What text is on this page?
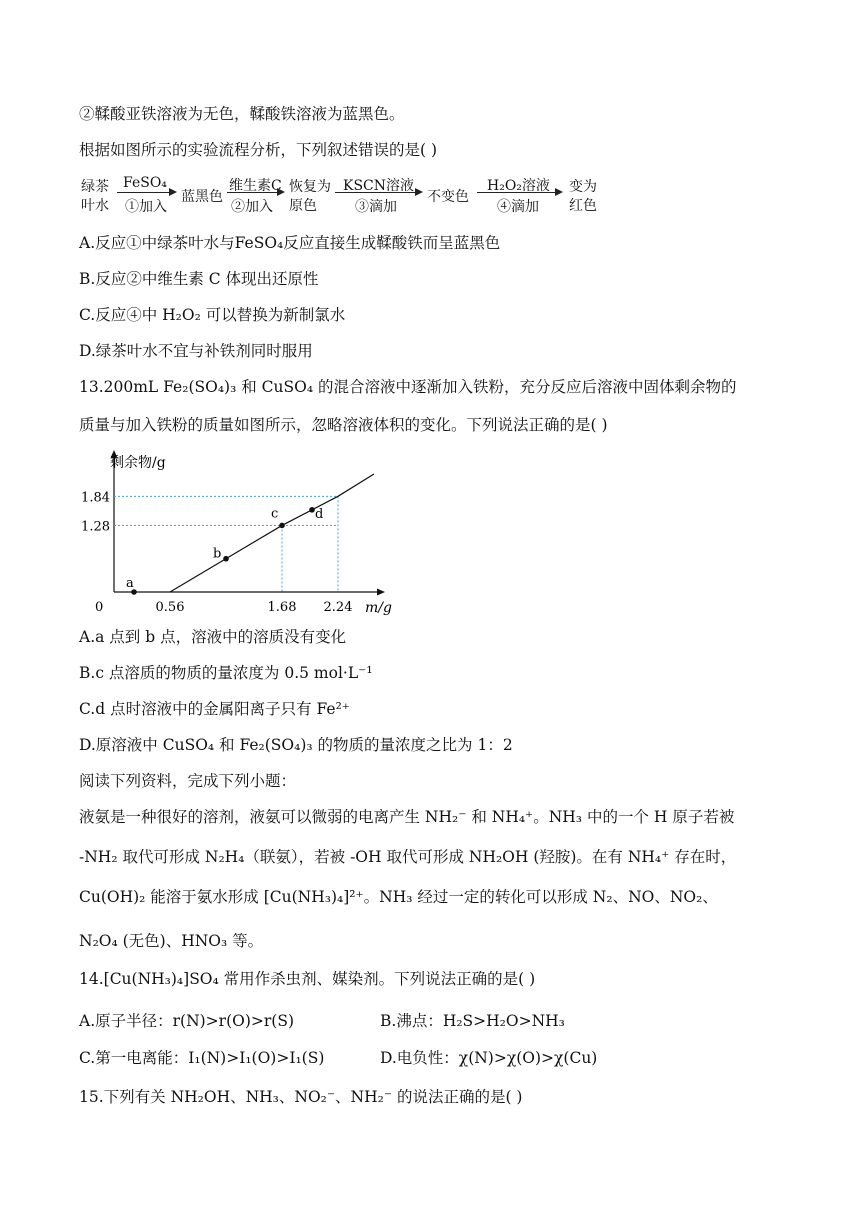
②鞣酸亚铁溶液为无色，鞣酸铁溶液为蓝黑色。
根据如图所示的实验流程分析，下列叙述错误的是( )
绿茶
叶水
FeSO₄
①加入
蓝黑色
维生素C
②加入
恢复为
原色
KSCN溶液
③滴加
不变色
H₂O₂溶液
④滴加
变为
红色
A.反应①中绿茶叶水与FeSO₄反应直接生成鞣酸铁而呈蓝黑色
B.反应②中维生素 C 体现出还原性
C.反应④中 H₂O₂ 可以替换为新制氯水
D.绿茶叶水不宜与补铁剂同时服用
13.200mL Fe₂(SO₄)₃ 和 CuSO₄ 的混合溶液中逐渐加入铁粉，充分反应后溶液中固体剩余物的
质量与加入铁粉的质量如图所示，忽略溶液体积的变化。下列说法正确的是( )
a
b
c	d
剩余物/g
m/g
0	0.56	1.68 2.24
1.84
1.28
A.a 点到 b 点，溶液中的溶质没有变化
B.c 点溶质的物质的量浓度为 0.5 mol·L⁻¹
C.d 点时溶液中的金属阳离子只有 Fe²⁺
D.原溶液中 CuSO₄ 和 Fe₂(SO₄)₃ 的物质的量浓度之比为 1：2
阅读下列资料，完成下列小题：
液氨是一种很好的溶剂，液氨可以微弱的电离产生 NH₂⁻ 和 NH₄⁺。NH₃ 中的一个 H 原子若被
-NH₂ 取代可形成 N₂H₄（联氨），若被 -OH 取代可形成 NH₂OH (羟胺)。在有 NH₄⁺ 存在时，
Cu(OH)₂ 能溶于氨水形成 [Cu(NH₃)₄]²⁺。NH₃ 经过一定的转化可以形成 N₂、NO、NO₂、
N₂O₄ (无色)、HNO₃ 等。
14.[Cu(NH₃)₄]SO₄ 常用作杀虫剂、媒染剂。下列说法正确的是( )
A.原子半径：r(N)>r(O)>r(S)	B.沸点：H₂S>H₂O>NH₃
C.第一电离能：I₁(N)>I₁(O)>I₁(S)	D.电负性：χ(N)>χ(O)>χ(Cu)
15.下列有关 NH₂OH、NH₃、NO₂⁻、NH₂⁻ 的说法正确的是( )
